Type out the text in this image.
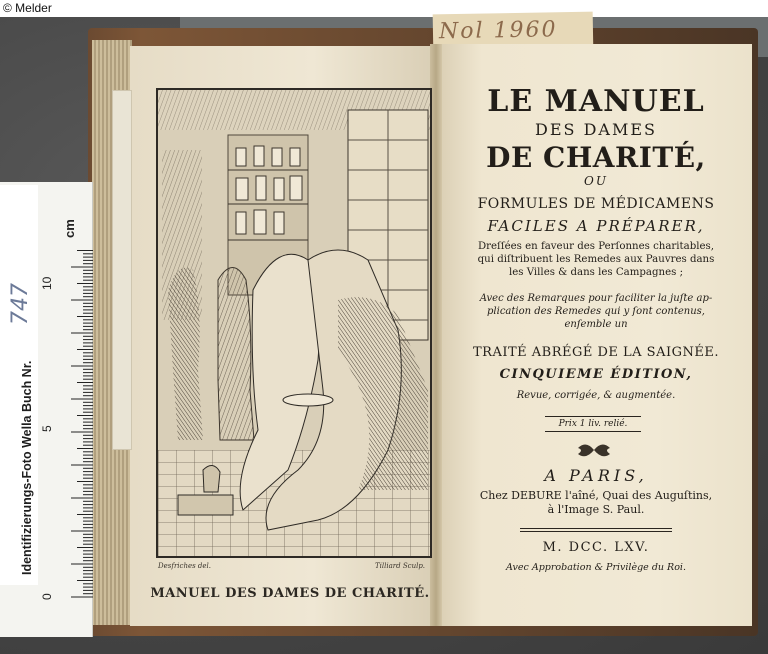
© Melder
Nol 1960
Desfriches del.	Tilliard Sculp.
MANUEL DES DAMES DE CHARITÉ.
LE MANUEL
DES DAMES
DE CHARITÉ,
OU
FORMULES DE MÉDICAMENS
FACILES A PRÉPARER,
Dreſſées en faveur des Perſonnes charitables,
qui diſtribuent les Remedes aux Pauvres dans
les Villes & dans les Campagnes ;
Avec des Remarques pour faciliter la juſte ap-
plication des Remedes qui y ſont contenus,
enſemble un
TRAITÉ ABRÉGÉ DE LA SAIGNÉE.
CINQUIEME ÉDITION,
Revue, corrigée, & augmentée.
Prix 1 liv. relié.
A PARIS,
Chez DEBURE l'aîné, Quai des Auguſtins,
à l'Image S. Paul.
M. DCC. LXV.
Avec Approbation & Privilège du Roi.
Identifizierungs-Foto Wella Buch Nr.
747
cm
10
5
0
